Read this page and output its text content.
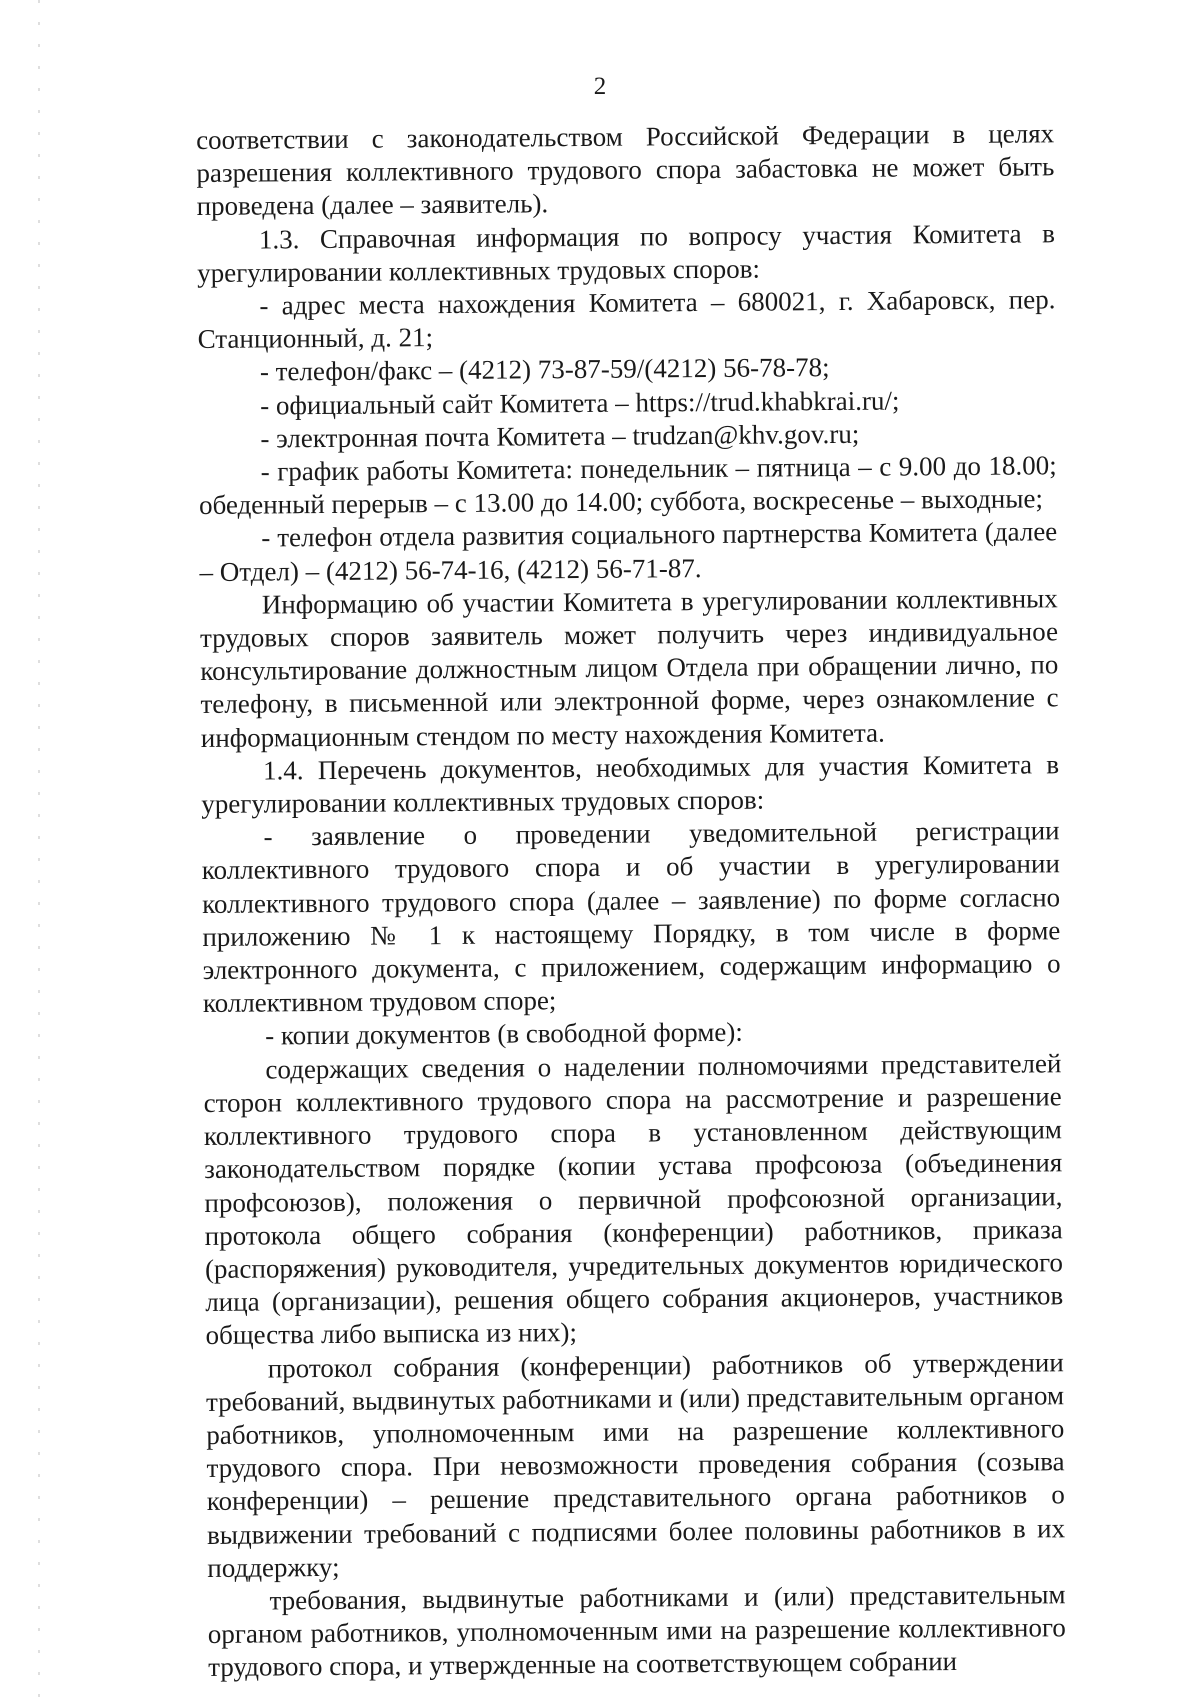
2

соответствии с законодательством Российской Федерации в целях разрешения коллективного трудового спора забастовка не может быть проведена (далее – заявитель).

1.3. Справочная информация по вопросу участия Комитета в урегулировании коллективных трудовых споров:

- адрес места нахождения Комитета – 680021, г. Хабаровск, пер. Станционный, д. 21;

- телефон/факс – (4212) 73-87-59/(4212) 56-78-78;

- официальный сайт Комитета – https://trud.khabkrai.ru/;

- электронная почта Комитета – trudzan@khv.gov.ru;

- график работы Комитета: понедельник – пятница – с 9.00 до 18.00; обеденный перерыв – с 13.00 до 14.00; суббота, воскресенье – выходные;

- телефон отдела развития социального партнерства Комитета (далее – Отдел) – (4212) 56-74-16, (4212) 56-71-87.

Информацию об участии Комитета в урегулировании коллективных трудовых споров заявитель может получить через индивидуальное консультирование должностным лицом Отдела при обращении лично, по телефону, в письменной или электронной форме, через ознакомление с информационным стендом по месту нахождения Комитета.

1.4. Перечень документов, необходимых для участия Комитета в урегулировании коллективных трудовых споров:

- заявление о проведении уведомительной регистрации коллективного трудового спора и об участии в урегулировании коллективного трудового спора (далее – заявление) по форме согласно приложению № 1 к настоящему Порядку, в том числе в форме электронного документа, с приложением, содержащим информацию о коллективном трудовом споре;

- копии документов (в свободной форме):

содержащих сведения о наделении полномочиями представителей сторон коллективного трудового спора на рассмотрение и разрешение коллективного трудового спора в установленном действующим законодательством порядке (копии устава профсоюза (объединения профсоюзов), положения о первичной профсоюзной организации, протокола общего собрания (конференции) работников, приказа (распоряжения) руководителя, учредительных документов юридического лица (организации), решения общего собрания акционеров, участников общества либо выписка из них);

протокол собрания (конференции) работников об утверждении требований, выдвинутых работниками и (или) представительным органом работников, уполномоченным ими на разрешение коллективного трудового спора. При невозможности проведения собрания (созыва конференции) – решение представительного органа работников о выдвижении требований с подписями более половины работников в их поддержку;

требования, выдвинутые работниками и (или) представительным органом работников, уполномоченным ими на разрешение коллективного трудового спора, и утвержденные на соответствующем собрании
